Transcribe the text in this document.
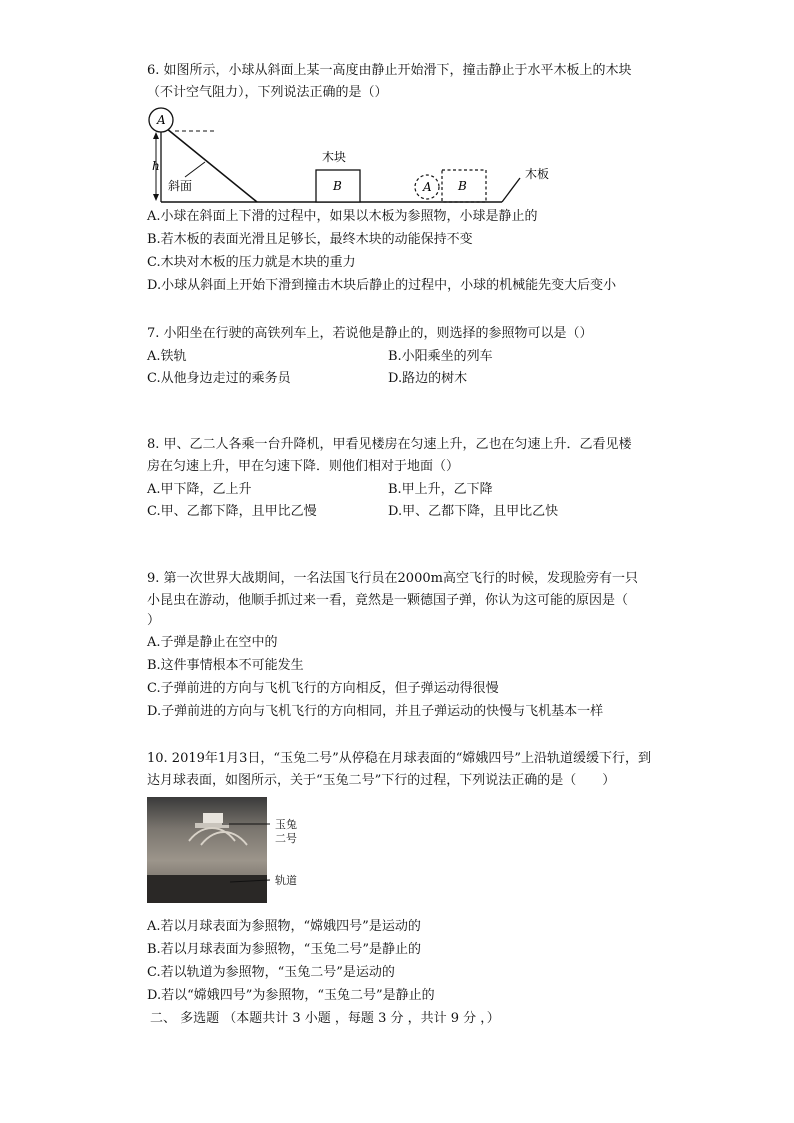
6. 如图所示，小球从斜面上某一高度由静止开始滑下，撞击静止于水平木板上的木块
（不计空气阻力），下列说法正确的是（）
h
A
斜面
木块
B	A B
木板
A.小球在斜面上下滑的过程中，如果以木板为参照物，小球是静止的
B.若木板的表面光滑且足够长，最终木块的动能保持不变
C.木块对木板的压力就是木块的重力
D.小球从斜面上开始下滑到撞击木块后静止的过程中，小球的机械能先变大后变小
7. 小阳坐在行驶的高铁列车上，若说他是静止的，则选择的参照物可以是（）
A.铁轨	B.小阳乘坐的列车
C.从他身边走过的乘务员	D.路边的树木
8. 甲、乙二人各乘一台升降机，甲看见楼房在匀速上升，乙也在匀速上升．乙看见楼
房在匀速上升，甲在匀速下降．则他们相对于地面（）
A.甲下降，乙上升	B.甲上升，乙下降
C.甲、乙都下降，且甲比乙慢	D.甲、乙都下降，且甲比乙快
9. 第一次世界大战期间，一名法国飞行员在2000m高空飞行的时候，发现脸旁有一只
小昆虫在游动，他顺手抓过来一看，竟然是一颗德国子弹，你认为这可能的原因是（
）
A.子弹是静止在空中的
B.这件事情根本不可能发生
C.子弹前进的方向与飞机飞行的方向相反，但子弹运动得很慢
D.子弹前进的方向与飞机飞行的方向相同，并且子弹运动的快慢与飞机基本一样
10. 2019年1月3日，“玉兔二号”从停稳在月球表面的“嫦娥四号”上沿轨道缓缓下行，到
达月球表面，如图所示，关于“玉兔二号”下行的过程，下列说法正确的是（　　）
玉兔
二号
轨道
A.若以月球表面为参照物，“嫦娥四号”是运动的
B.若以月球表面为参照物，“玉兔二号”是静止的
C.若以轨道为参照物，“玉兔二号”是运动的
D.若以“嫦娥四号”为参照物，“玉兔二号”是静止的
二、 多选题 （本题共计 3 小题 ，每题 3 分 ，共计 9 分 ，）
